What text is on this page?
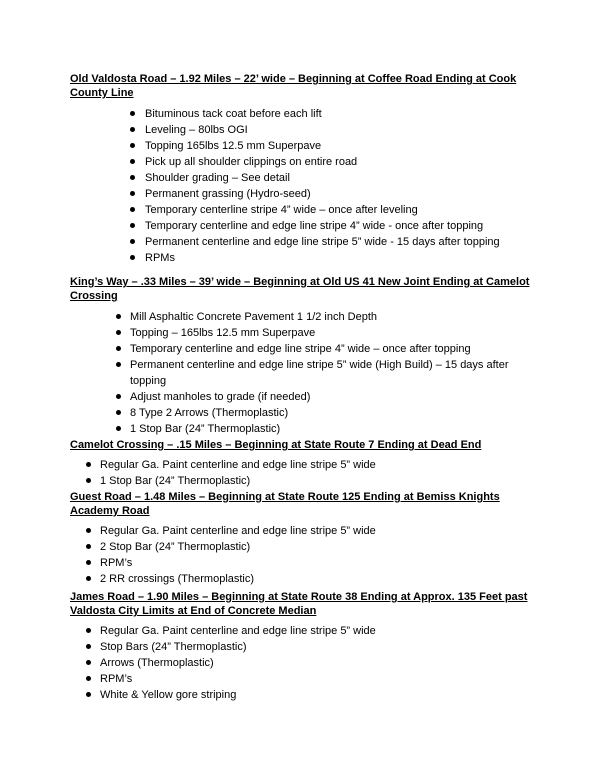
Old Valdosta Road – 1.92 Miles – 22’ wide – Beginning at Coffee Road Ending at Cook County Line

Bituminous tack coat before each lift
Leveling – 80lbs OGI
Topping 165lbs 12.5 mm Superpave
Pick up all shoulder clippings on entire road
Shoulder grading – See detail
Permanent grassing (Hydro-seed)
Temporary centerline stripe 4” wide – once after leveling
Temporary centerline and edge line stripe 4” wide - once after topping
Permanent centerline and edge line stripe 5” wide - 15 days after topping
RPMs

King’s Way – .33 Miles – 39’ wide – Beginning at Old US 41 New Joint Ending at Camelot Crossing

Mill Asphaltic Concrete Pavement 1 1/2 inch Depth
Topping – 165lbs 12.5 mm Superpave
Temporary centerline and edge line stripe 4” wide – once after topping
Permanent centerline and edge line stripe 5” wide (High Build) – 15 days after topping
Adjust manholes to grade (if needed)
8 Type 2 Arrows (Thermoplastic)
1 Stop Bar (24” Thermoplastic)

Camelot Crossing – .15 Miles – Beginning at State Route 7 Ending at Dead End

Regular Ga. Paint centerline and edge line stripe 5” wide
1 Stop Bar (24” Thermoplastic)

Guest Road – 1.48 Miles – Beginning at State Route 125 Ending at Bemiss Knights Academy Road

Regular Ga. Paint centerline and edge line stripe 5” wide
2 Stop Bar (24” Thermoplastic)
RPM’s
2 RR crossings (Thermoplastic)

James Road – 1.90 Miles – Beginning at State Route 38 Ending at Approx. 135 Feet past Valdosta City Limits at End of Concrete Median

Regular Ga. Paint centerline and edge line stripe 5” wide
Stop Bars (24” Thermoplastic)
Arrows (Thermoplastic)
RPM’s
White & Yellow gore striping
